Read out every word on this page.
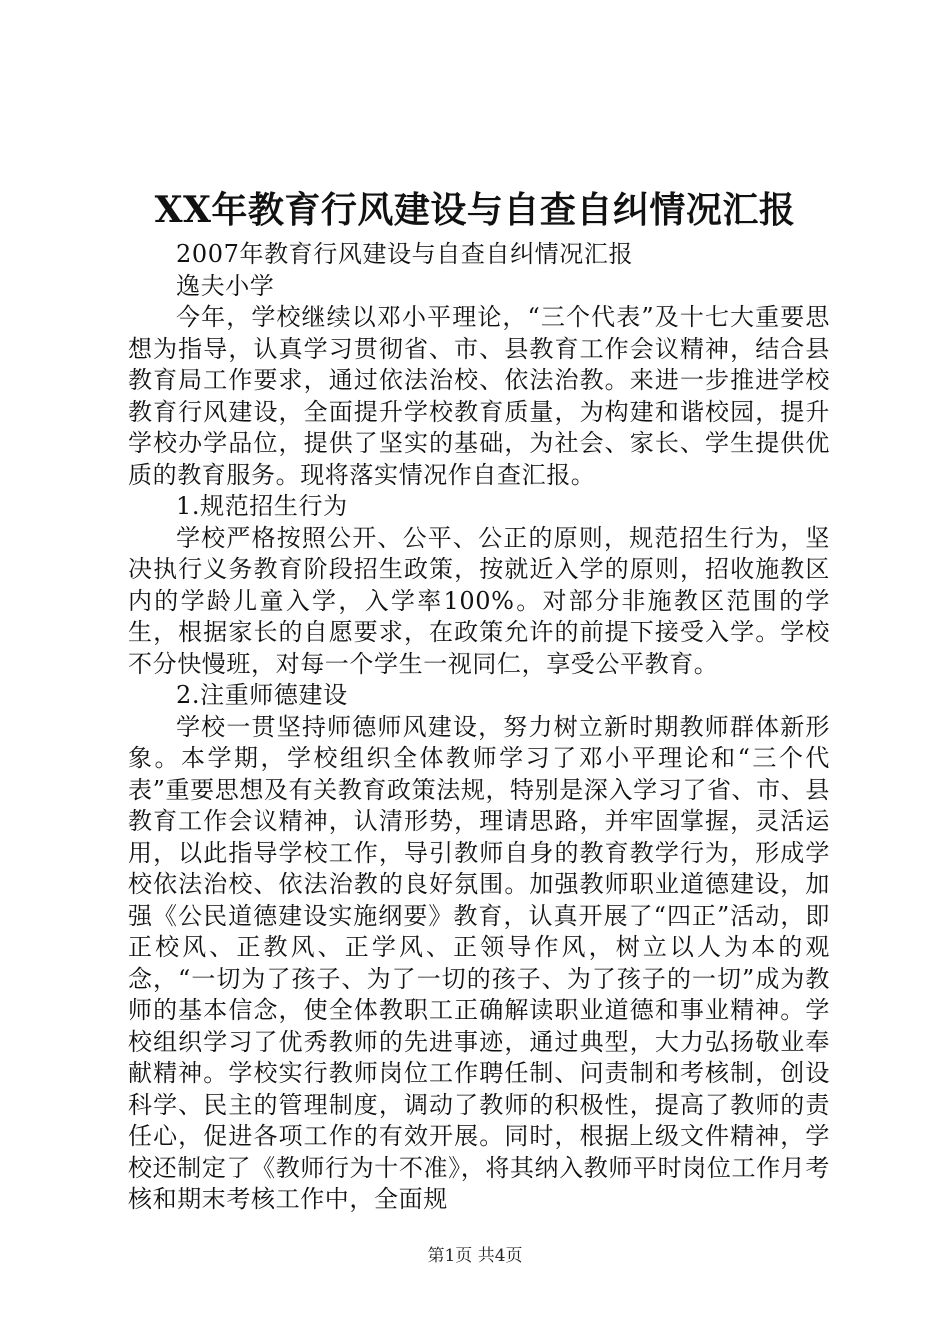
XX年教育行风建设与自查自纠情况汇报

2007年教育行风建设与自查自纠情况汇报

逸夫小学

今年，学校继续以邓小平理论，“三个代表”及十七大重要思想为指导，认真学习贯彻省、市、县教育工作会议精神，结合县教育局工作要求，通过依法治校、依法治教。来进一步推进学校教育行风建设，全面提升学校教育质量，为构建和谐校园，提升学校办学品位，提供了坚实的基础，为社会、家长、学生提供优质的教育服务。现将落实情况作自查汇报。

1.规范招生行为

学校严格按照公开、公平、公正的原则，规范招生行为，坚决执行义务教育阶段招生政策，按就近入学的原则，招收施教区内的学龄儿童入学，入学率100%。对部分非施教区范围的学生，根据家长的自愿要求，在政策允许的前提下接受入学。学校不分快慢班，对每一个学生一视同仁，享受公平教育。

2.注重师德建设

学校一贯坚持师德师风建设，努力树立新时期教师群体新形象。本学期，学校组织全体教师学习了邓小平理论和“三个代表”重要思想及有关教育政策法规，特别是深入学习了省、市、县教育工作会议精神，认清形势，理请思路，并牢固掌握，灵活运用，以此指导学校工作，导引教师自身的教育教学行为，形成学校依法治校、依法治教的良好氛围。加强教师职业道德建设，加强《公民道德建设实施纲要》教育，认真开展了“四正”活动，即正校风、正教风、正学风、正领导作风，树立以人为本的观念，“一切为了孩子、为了一切的孩子、为了孩子的一切”成为教师的基本信念，使全体教职工正确解读职业道德和事业精神。学校组织学习了优秀教师的先进事迹，通过典型，大力弘扬敬业奉献精神。学校实行教师岗位工作聘任制、问责制和考核制，创设科学、民主的管理制度，调动了教师的积极性，提高了教师的责任心，促进各项工作的有效开展。同时，根据上级文件精神，学校还制定了《教师行为十不准》，将其纳入教师平时岗位工作月考核和期末考核工作中，全面规

第1页 共4页
